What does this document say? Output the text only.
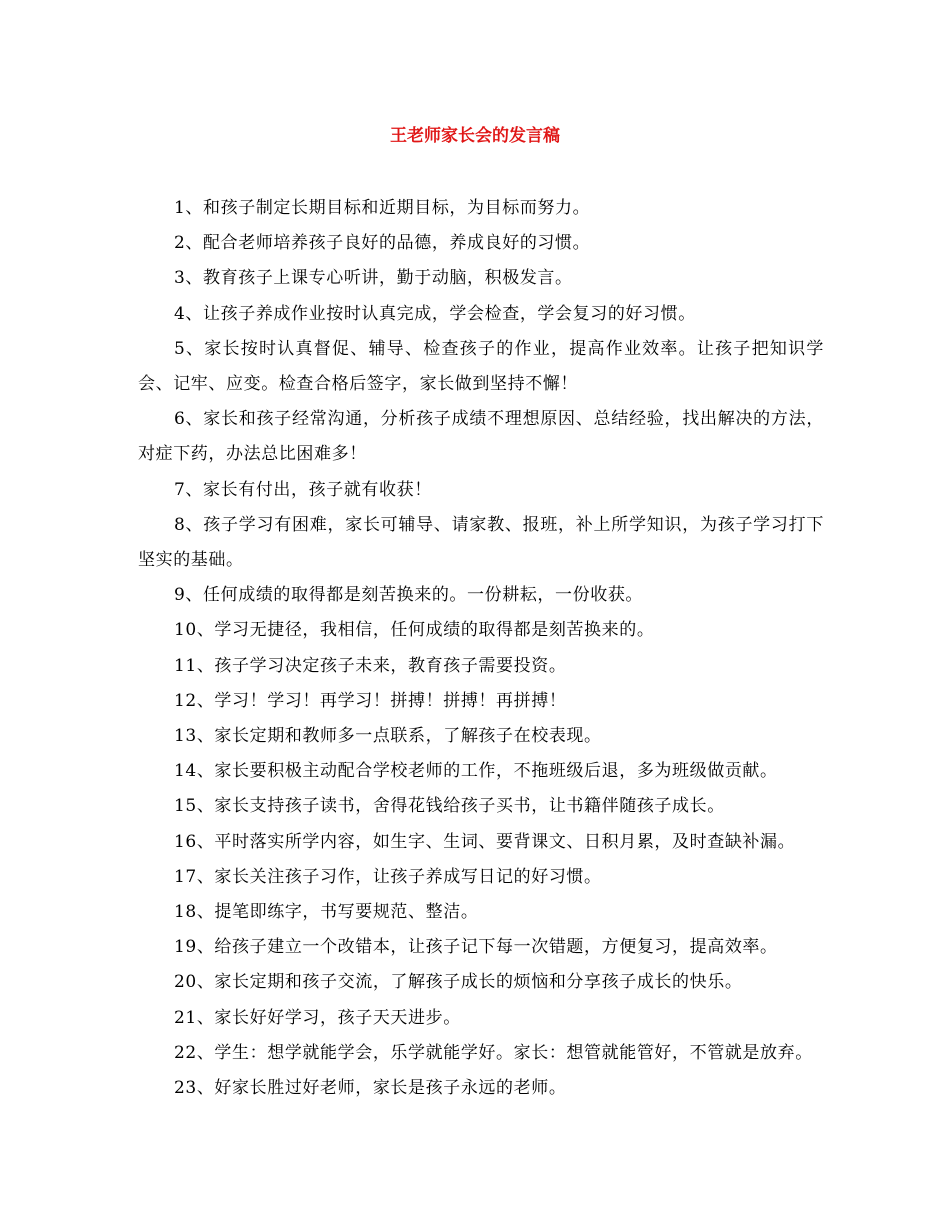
王老师家长会的发言稿

1、和孩子制定长期目标和近期目标，为目标而努力。

2、配合老师培养孩子良好的品德，养成良好的习惯。

3、教育孩子上课专心听讲，勤于动脑，积极发言。

4、让孩子养成作业按时认真完成，学会检查，学会复习的好习惯。

5、家长按时认真督促、辅导、检查孩子的作业，提高作业效率。让孩子把知识学会、记牢、应变。检查合格后签字，家长做到坚持不懈！

6、家长和孩子经常沟通，分析孩子成绩不理想原因、总结经验，找出解决的方法，对症下药，办法总比困难多！

7、家长有付出，孩子就有收获！

8、孩子学习有困难，家长可辅导、请家教、报班，补上所学知识，为孩子学习打下坚实的基础。

9、任何成绩的取得都是刻苦换来的。一份耕耘，一份收获。

10、学习无捷径，我相信，任何成绩的取得都是刻苦换来的。

11、孩子学习决定孩子未来，教育孩子需要投资。

12、学习！学习！再学习！拼搏！拼搏！再拼搏！

13、家长定期和教师多一点联系，了解孩子在校表现。

14、家长要积极主动配合学校老师的工作，不拖班级后退，多为班级做贡献。

15、家长支持孩子读书，舍得花钱给孩子买书，让书籍伴随孩子成长。

16、平时落实所学内容，如生字、生词、要背课文、日积月累，及时查缺补漏。

17、家长关注孩子习作，让孩子养成写日记的好习惯。

18、提笔即练字，书写要规范、整洁。

19、给孩子建立一个改错本，让孩子记下每一次错题，方便复习，提高效率。

20、家长定期和孩子交流，了解孩子成长的烦恼和分享孩子成长的快乐。

21、家长好好学习，孩子天天进步。

22、学生：想学就能学会，乐学就能学好。家长：想管就能管好，不管就是放弃。

23、好家长胜过好老师，家长是孩子永远的老师。
